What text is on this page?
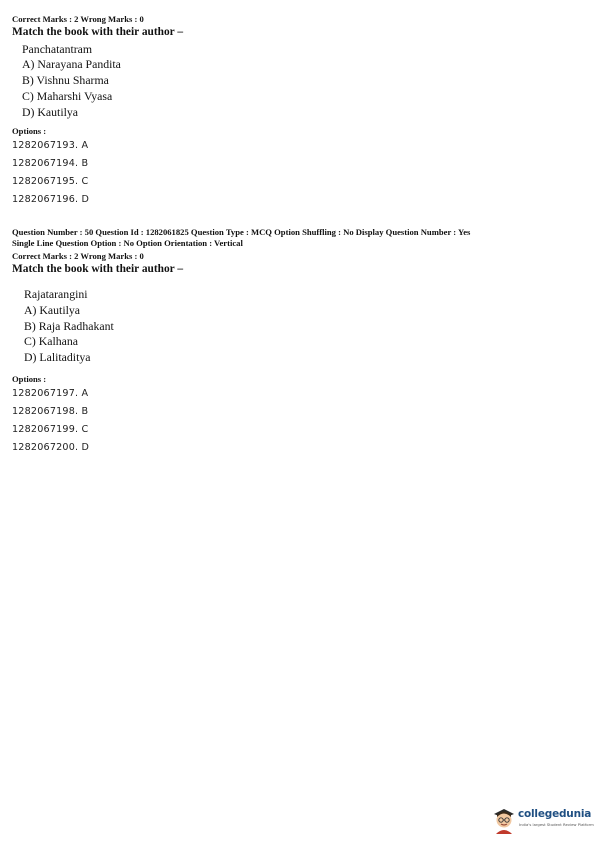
Correct Marks : 2 Wrong Marks : 0
Match the book with their author –
Panchatantram
A) Narayana Pandita
B) Vishnu Sharma
C) Maharshi Vyasa
D) Kautilya
Options :
1282067193. A
1282067194. B
1282067195. C
1282067196. D
Question Number : 50 Question Id : 1282061825 Question Type : MCQ Option Shuffling : No Display Question Number : Yes
Single Line Question Option : No Option Orientation : Vertical
Correct Marks : 2 Wrong Marks : 0
Match the book with their author –
Rajatarangini
A) Kautilya
B) Raja Radhakant
C) Kalhana
D) Lalitaditya
Options :
1282067197. A
1282067198. B
1282067199. C
1282067200. D
collegedunia
India's largest Student Review Platform
